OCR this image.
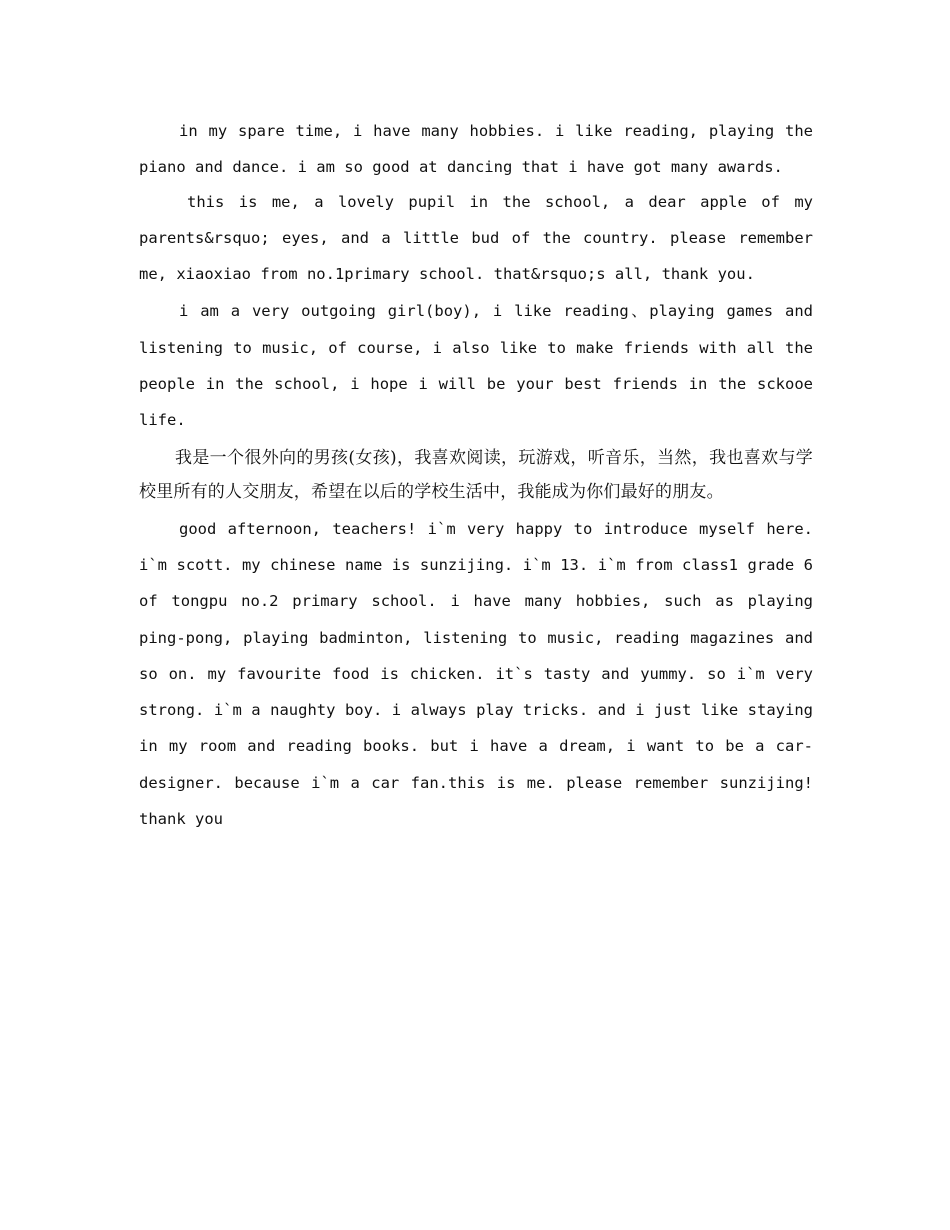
in my spare time, i have many hobbies. i like reading, playing the piano and dance. i am so good at dancing that i have got many awards.

this is me, a lovely pupil in the school, a dear apple of my parents&rsquo; eyes, and a little bud of the country. please remember me, xiaoxiao from no.1primary school. that&rsquo;s all, thank you.

i am a very outgoing girl(boy), i like reading、playing games and listening to music, of course, i also like to make friends with all the people in the school, i hope i will be your best friends in the sckooe life.

我是一个很外向的男孩(女孩)，我喜欢阅读，玩游戏，听音乐，当然，我也喜欢与学校里所有的人交朋友，希望在以后的学校生活中，我能成为你们最好的朋友。

good afternoon, teachers! i`m very happy to introduce myself here. i`m scott. my chinese name is sunzijing. i`m 13. i`m from class1 grade 6 of tongpu no.2 primary school. i have many hobbies, such as playing ping-pong, playing badminton, listening to music, reading magazines and so on. my favourite food is chicken. it`s tasty and yummy. so i`m very strong. i`m a naughty boy. i always play tricks. and i just like staying in my room and reading books. but i have a dream, i want to be a car-designer. because i`m a car fan.this is me. please remember sunzijing! thank you
